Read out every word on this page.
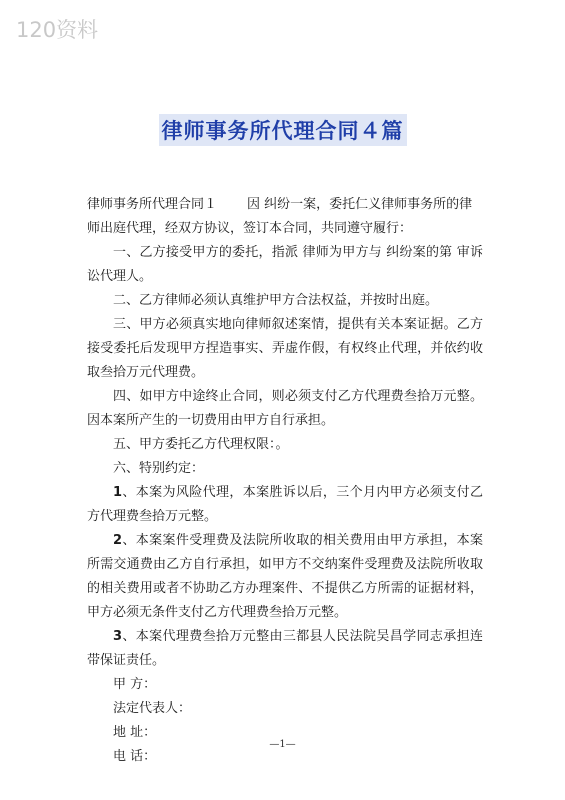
120资料
律师事务所代理合同４篇

律师事务所代理合同１ 因 纠纷一案，委托仁义律师事务所的律

师出庭代理，经双方协议，签订本合同，共同遵守履行：

一、乙方接受甲方的委托，指派 律师为甲方与 纠纷案的第 审诉讼代理人。

二、乙方律师必须认真维护甲方合法权益，并按时出庭。

三、甲方必须真实地向律师叙述案情，提供有关本案证据。乙方接受委托后发现甲方捏造事实、弄虚作假，有权终止代理，并依约收取叁拾万元代理费。

四、如甲方中途终止合同，则必须支付乙方代理费叁拾万元整。因本案所产生的一切费用由甲方自行承担。

五、甲方委托乙方代理权限：。

六、特别约定：

1、本案为风险代理，本案胜诉以后，三个月内甲方必须支付乙方代理费叁拾万元整。

2、本案案件受理费及法院所收取的相关费用由甲方承担，本案所需交通费由乙方自行承担，如甲方不交纳案件受理费及法院所收取的相关费用或者不协助乙方办理案件、不提供乙方所需的证据材料，甲方必须无条件支付乙方代理费叁拾万元整。

3、本案代理费叁拾万元整由三都县人民法院吴昌学同志承担连带保证责任。

甲 方：

法定代表人：

地 址：

电 话：

—1—
